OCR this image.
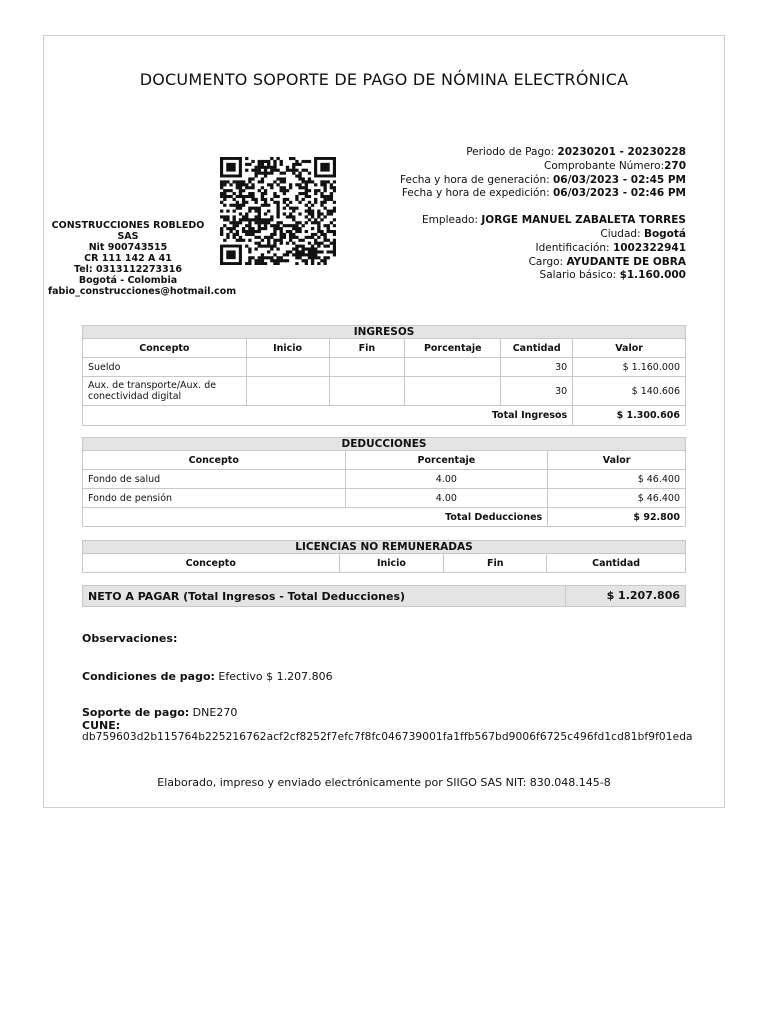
DOCUMENTO SOPORTE DE PAGO DE NÓMINA ELECTRÓNICA
CONSTRUCCIONES ROBLEDO
SAS
Nit 900743515
CR 111 142 A 41
Tel: 0313112273316
Bogotá - Colombia
fabio_construcciones@hotmail.com
Periodo de Pago: 20230201 - 20230228
Comprobante Número:270
Fecha y hora de generación: 06/03/2023 - 02:45 PM
Fecha y hora de expedición: 06/03/2023 - 02:46 PM
Empleado: JORGE MANUEL ZABALETA TORRES
Ciudad: Bogotá
Identificación: 1002322941
Cargo: AYUDANTE DE OBRA
Salario básico: $1.160.000
INGRESOS					
Concepto	Inicio	Fin	Porcentaje	Cantidad	Valor
Sueldo				30	$ 1.160.000
Aux. de transporte/Aux. de conectividad digital				30	$ 140.606
Total Ingresos					$ 1.300.606
DEDUCCIONES		
Concepto	Porcentaje	Valor
Fondo de salud	4.00	$ 46.400
Fondo de pensión	4.00	$ 46.400
Total Deducciones		$ 92.800
LICENCIAS NO REMUNERADAS
Concepto	Inicio	Fin	Cantidad
NETO A PAGAR (Total Ingresos - Total Deducciones)	$ 1.207.806
Observaciones:
Condiciones de pago: Efectivo $ 1.207.806
Soporte de pago: DNE270
CUNE:
db759603d2b115764b225216762acf2cf8252f7efc7f8fc046739001fa1ffb567bd9006f6725c496fd1cd81bf9f01eda
Elaborado, impreso y enviado electrónicamente por SIIGO SAS NIT: 830.048.145-8
